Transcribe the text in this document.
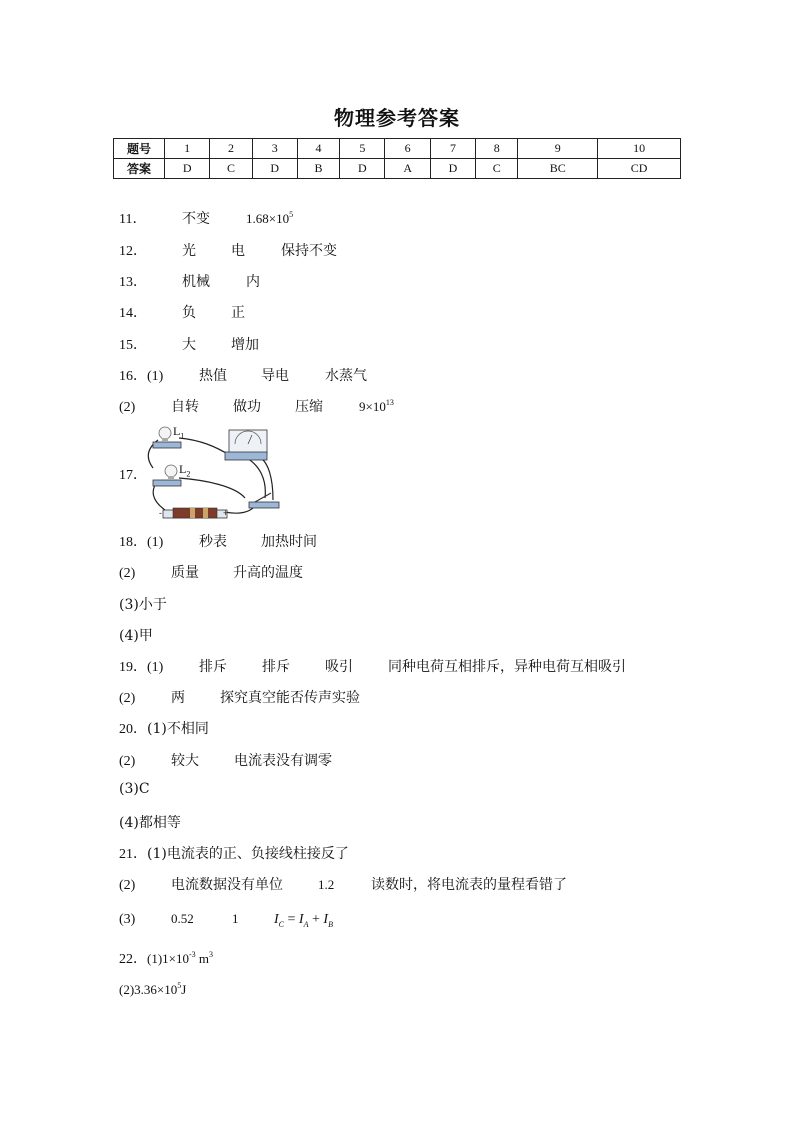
物理参考答案
题号	1	2	3	4	5	6	7	8	9	10
答案	D	C	D	B	D	A	D	C	BC	CD
11．	不变	$1.68\times 10^5$
12．	光	电	保持不变
13．	机械	内
14．	负	正
15．	大	增加
16．(1)	热值 导电	水蒸气
(2)	自转 做功 压缩	$9\times 10^{13}$
17．
-	+
$L_1$
$L_2$
18．(1)	秒表 加热时间
(2)	质量 升高的温度
(3)小于
(4)甲
19．(1)	排斥	排斥	吸引	同种电荷互相排斥，异种电荷互相吸引
(2)	两	探究真空能否传声实验
20．(1)不相同
(2)	较大	电流表没有调零
(3)C
(4)都相等
21．(1)电流表的正、负接线柱接反了
(2)	电流数据没有单位	1.2	读数时，将电流表的量程看错了
(3)	0.52	1	$I_C = I_A + I_B$
22．$(1)1\times 10^{-3}$ $m^3$
$(2)3.36\times 10^5J$
